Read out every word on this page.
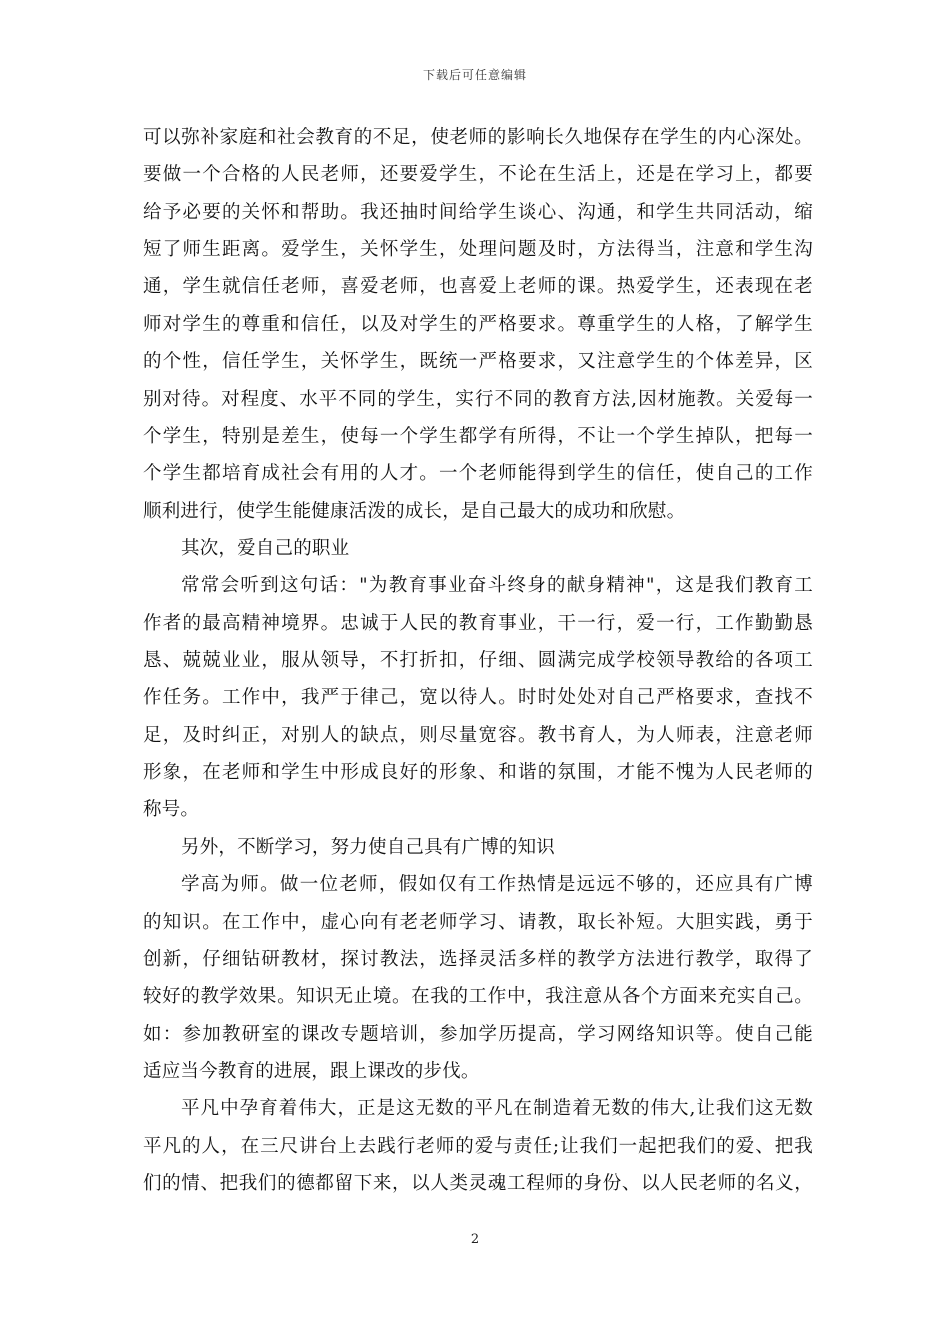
下载后可任意编辑
可以弥补家庭和社会教育的不足，使老师的影响长久地保存在学生的内心深处。
要做一个合格的人民老师，还要爱学生，不论在生活上，还是在学习上，都要
给予必要的关怀和帮助。我还抽时间给学生谈心、沟通，和学生共同活动，缩
短了师生距离。爱学生，关怀学生，处理问题及时，方法得当，注意和学生沟
通，学生就信任老师，喜爱老师，也喜爱上老师的课。热爱学生，还表现在老
师对学生的尊重和信任，以及对学生的严格要求。尊重学生的人格，了解学生
的个性，信任学生，关怀学生，既统一严格要求，又注意学生的个体差异，区
别对待。对程度、水平不同的学生，实行不同的教育方法,因材施教。关爱每一
个学生，特别是差生，使每一个学生都学有所得，不让一个学生掉队，把每一
个学生都培育成社会有用的人才。一个老师能得到学生的信任，使自己的工作
顺利进行，使学生能健康活泼的成长，是自己最大的成功和欣慰。
其次，爱自己的职业
常常会听到这句话："为教育事业奋斗终身的献身精神"，这是我们教育工
作者的最高精神境界。忠诚于人民的教育事业，干一行，爱一行，工作勤勤恳
恳、兢兢业业，服从领导，不打折扣，仔细、圆满完成学校领导教给的各项工
作任务。工作中，我严于律己，宽以待人。时时处处对自己严格要求，查找不
足，及时纠正，对别人的缺点，则尽量宽容。教书育人，为人师表，注意老师
形象，在老师和学生中形成良好的形象、和谐的氛围，才能不愧为人民老师的
称号。
另外，不断学习，努力使自己具有广博的知识
学高为师。做一位老师，假如仅有工作热情是远远不够的，还应具有广博
的知识。在工作中，虚心向有老老师学习、请教，取长补短。大胆实践，勇于
创新，仔细钻研教材，探讨教法，选择灵活多样的教学方法进行教学，取得了
较好的教学效果。知识无止境。在我的工作中，我注意从各个方面来充实自己。
如：参加教研室的课改专题培训，参加学历提高，学习网络知识等。使自己能
适应当今教育的进展，跟上课改的步伐。
平凡中孕育着伟大，正是这无数的平凡在制造着无数的伟大,让我们这无数
平凡的人，在三尺讲台上去践行老师的爱与责任;让我们一起把我们的爱、把我
们的情、把我们的德都留下来，以人类灵魂工程师的身份、以人民老师的名义，
2
